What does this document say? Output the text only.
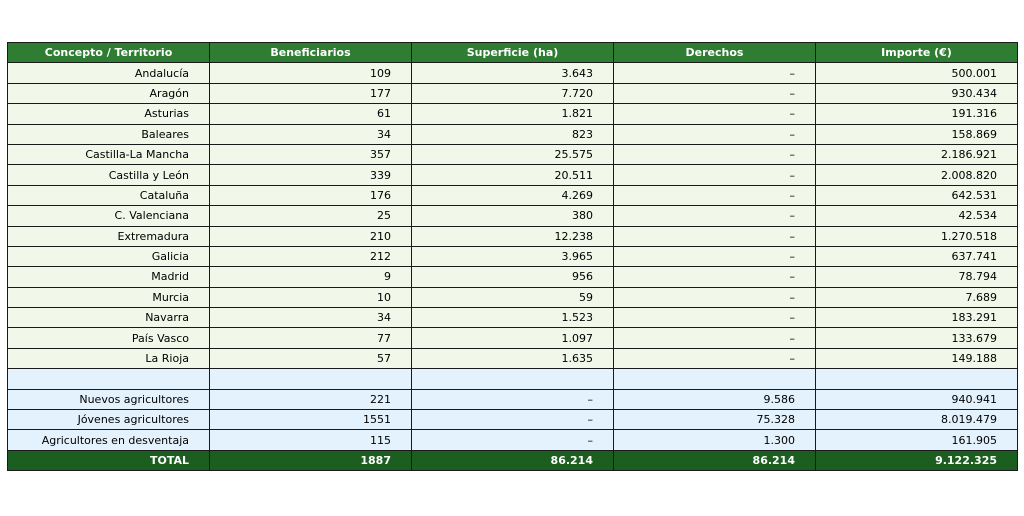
Concepto / Territorio	Beneficiarios	Superficie (ha)	Derechos	Importe (€)
Andalucía	109	3.643	–	500.001
Aragón	177	7.720	–	930.434
Asturias	61	1.821	–	191.316
Baleares	34	823	–	158.869
Castilla-La Mancha	357	25.575	–	2.186.921
Castilla y León	339	20.511	–	2.008.820
Cataluña	176	4.269	–	642.531
C. Valenciana	25	380	–	42.534
Extremadura	210	12.238	–	1.270.518
Galicia	212	3.965	–	637.741
Madrid	9	956	–	78.794
Murcia	10	59	–	7.689
Navarra	34	1.523	–	183.291
País Vasco	77	1.097	–	133.679
La Rioja	57	1.635	–	149.188

Nuevos agricultores	221	–	9.586	940.941
Jóvenes agricultores	1551	–	75.328	8.019.479
Agricultores en desventaja	115	–	1.300	161.905
TOTAL	1887	86.214	86.214	9.122.325
